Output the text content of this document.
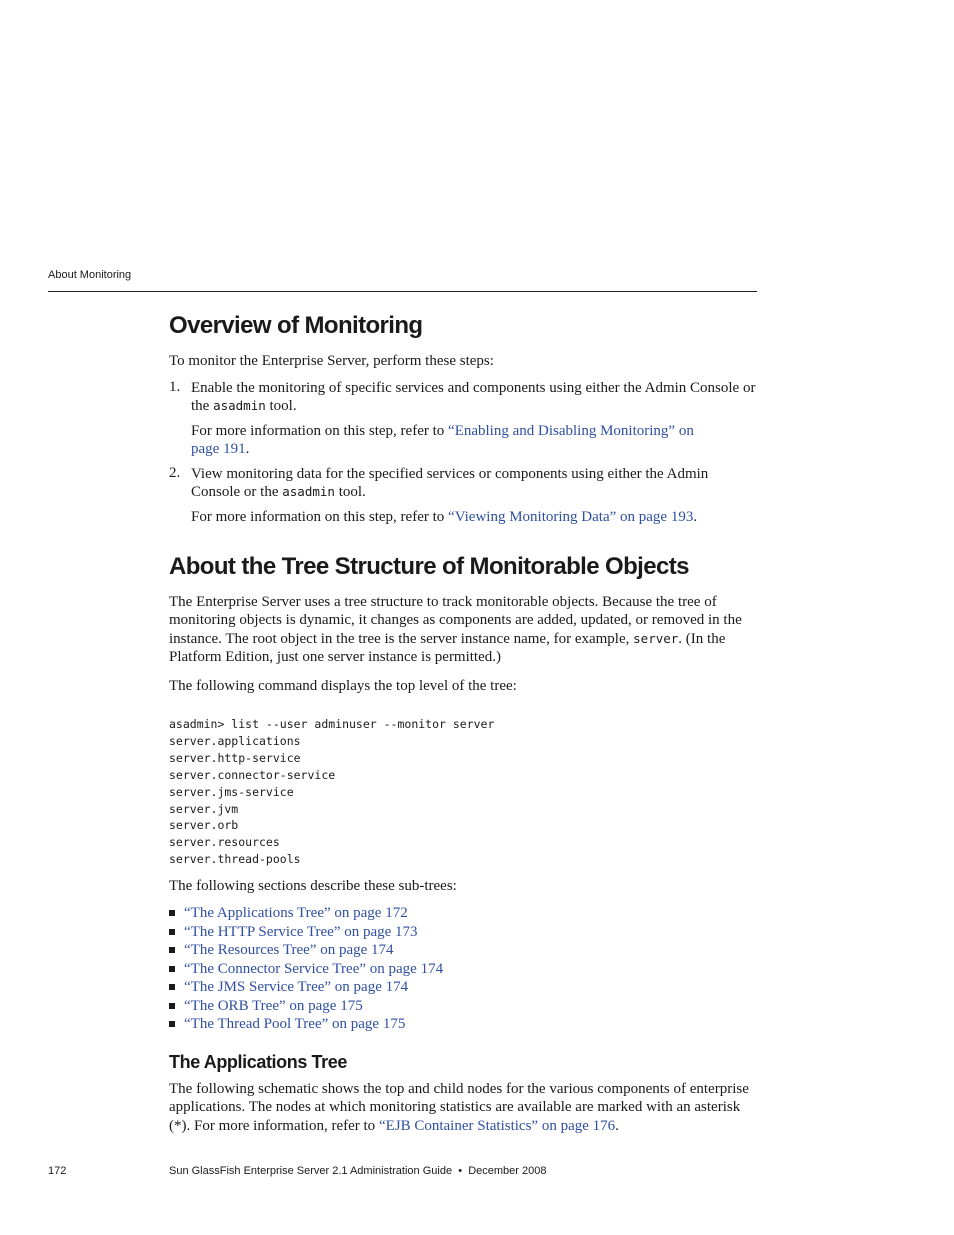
About Monitoring
Overview of Monitoring
To monitor the Enterprise Server, perform these steps:
1. Enable the monitoring of specific services and components using either the Admin Console or the asadmin tool.
For more information on this step, refer to “Enabling and Disabling Monitoring” on page 191.
2. View monitoring data for the specified services or components using either the Admin Console or the asadmin tool.
For more information on this step, refer to “Viewing Monitoring Data” on page 193.
About the Tree Structure of Monitorable Objects
The Enterprise Server uses a tree structure to track monitorable objects. Because the tree of monitoring objects is dynamic, it changes as components are added, updated, or removed in the instance. The root object in the tree is the server instance name, for example, server. (In the Platform Edition, just one server instance is permitted.)
The following command displays the top level of the tree:
asadmin> list --user adminuser --monitor server
server.applications
server.http-service
server.connector-service
server.jms-service
server.jvm
server.orb
server.resources
server.thread-pools
The following sections describe these sub-trees:
“The Applications Tree” on page 172
“The HTTP Service Tree” on page 173
“The Resources Tree” on page 174
“The Connector Service Tree” on page 174
“The JMS Service Tree” on page 174
“The ORB Tree” on page 175
“The Thread Pool Tree” on page 175
The Applications Tree
The following schematic shows the top and child nodes for the various components of enterprise applications. The nodes at which monitoring statistics are available are marked with an asterisk (*). For more information, refer to “EJB Container Statistics” on page 176.
172	Sun GlassFish Enterprise Server 2.1 Administration Guide • December 2008
